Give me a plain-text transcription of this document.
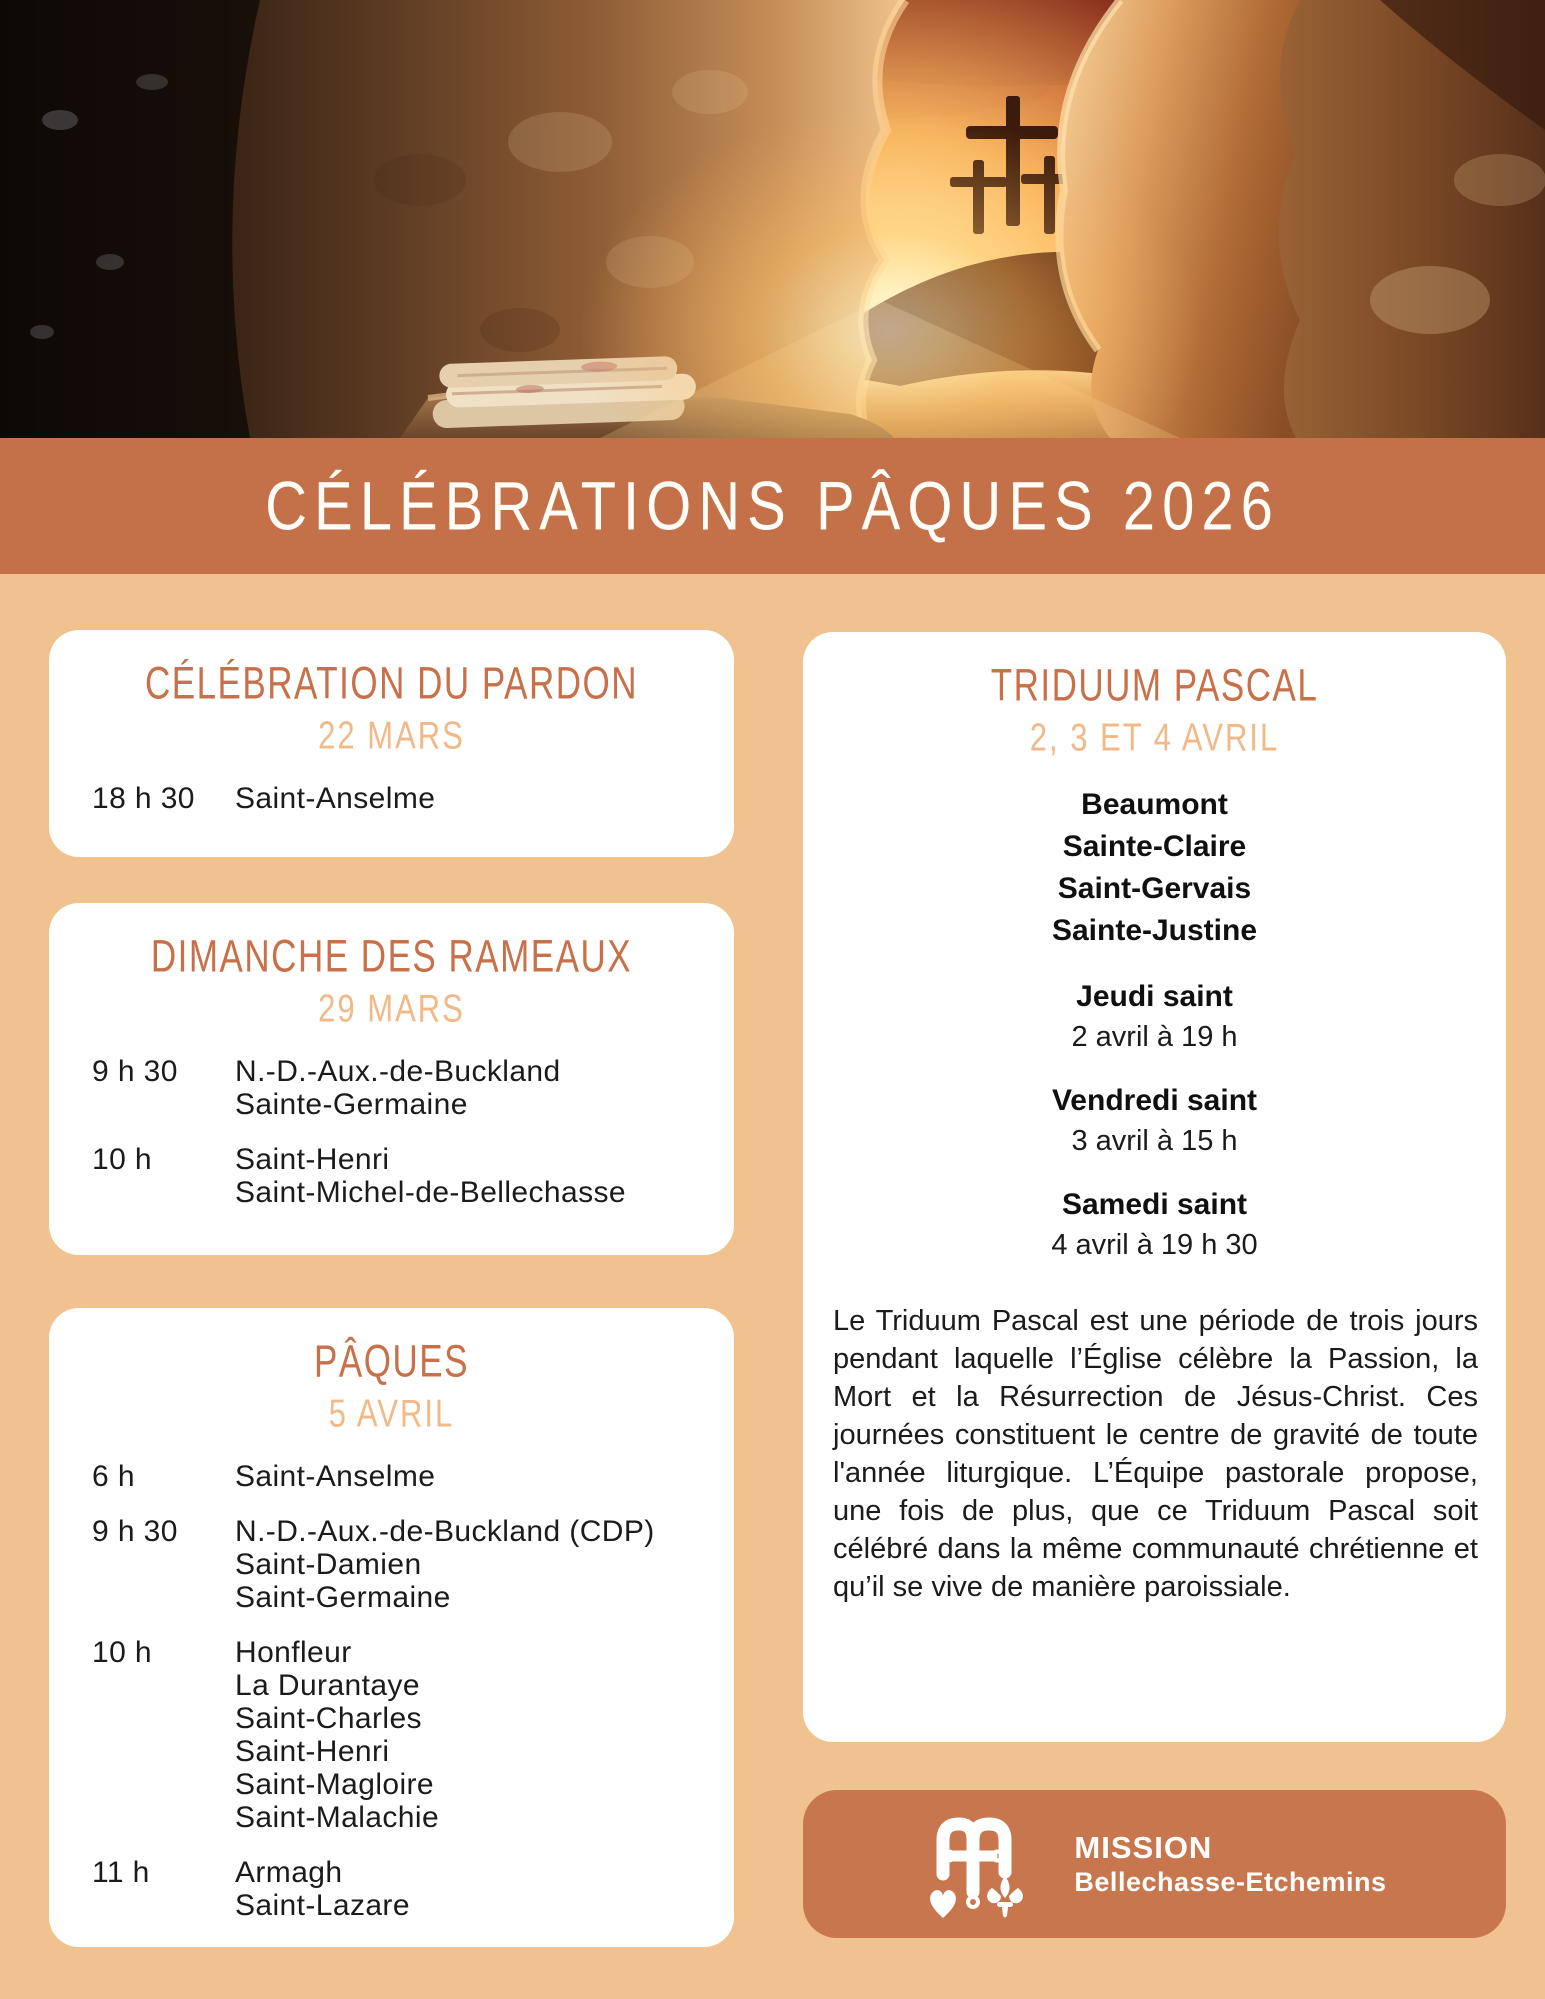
CÉLÉBRATIONS PÂQUES 2026
CÉLÉBRATION DU PARDON
22 MARS
18 h 30	Saint-Anselme
DIMANCHE DES RAMEAUX
29 MARS
9 h 30	N.-D.-Aux.-de-Buckland
Sainte-Germaine
10 h	Saint-Henri
Saint-Michel-de-Bellechasse
PÂQUES
5 AVRIL
6 h	Saint-Anselme
9 h 30	N.-D.-Aux.-de-Buckland (CDP)
Saint-Damien
Saint-Germaine
10 h	Honfleur
La Durantaye
Saint-Charles
Saint-Henri
Saint-Magloire
Saint-Malachie
11 h	Armagh
Saint-Lazare
TRIDUUM PASCAL
2, 3 ET 4 AVRIL
Beaumont
Sainte-Claire
Saint-Gervais
Sainte-Justine
Jeudi saint
2 avril à 19 h
Vendredi saint
3 avril à 15 h
Samedi saint
4 avril à 19 h 30

Le Triduum Pascal est une période de trois jours pendant laquelle l’Église célèbre la Passion, la Mort et la Résurrection de Jésus-Christ. Ces journées constituent le centre de gravité de toute l'année liturgique. L’Équipe pastorale propose, une fois de plus, que ce Triduum Pascal soit célébré dans la même communauté chrétienne et qu’il se vive de manière paroissiale.

MISSION
Bellechasse-Etchemins
